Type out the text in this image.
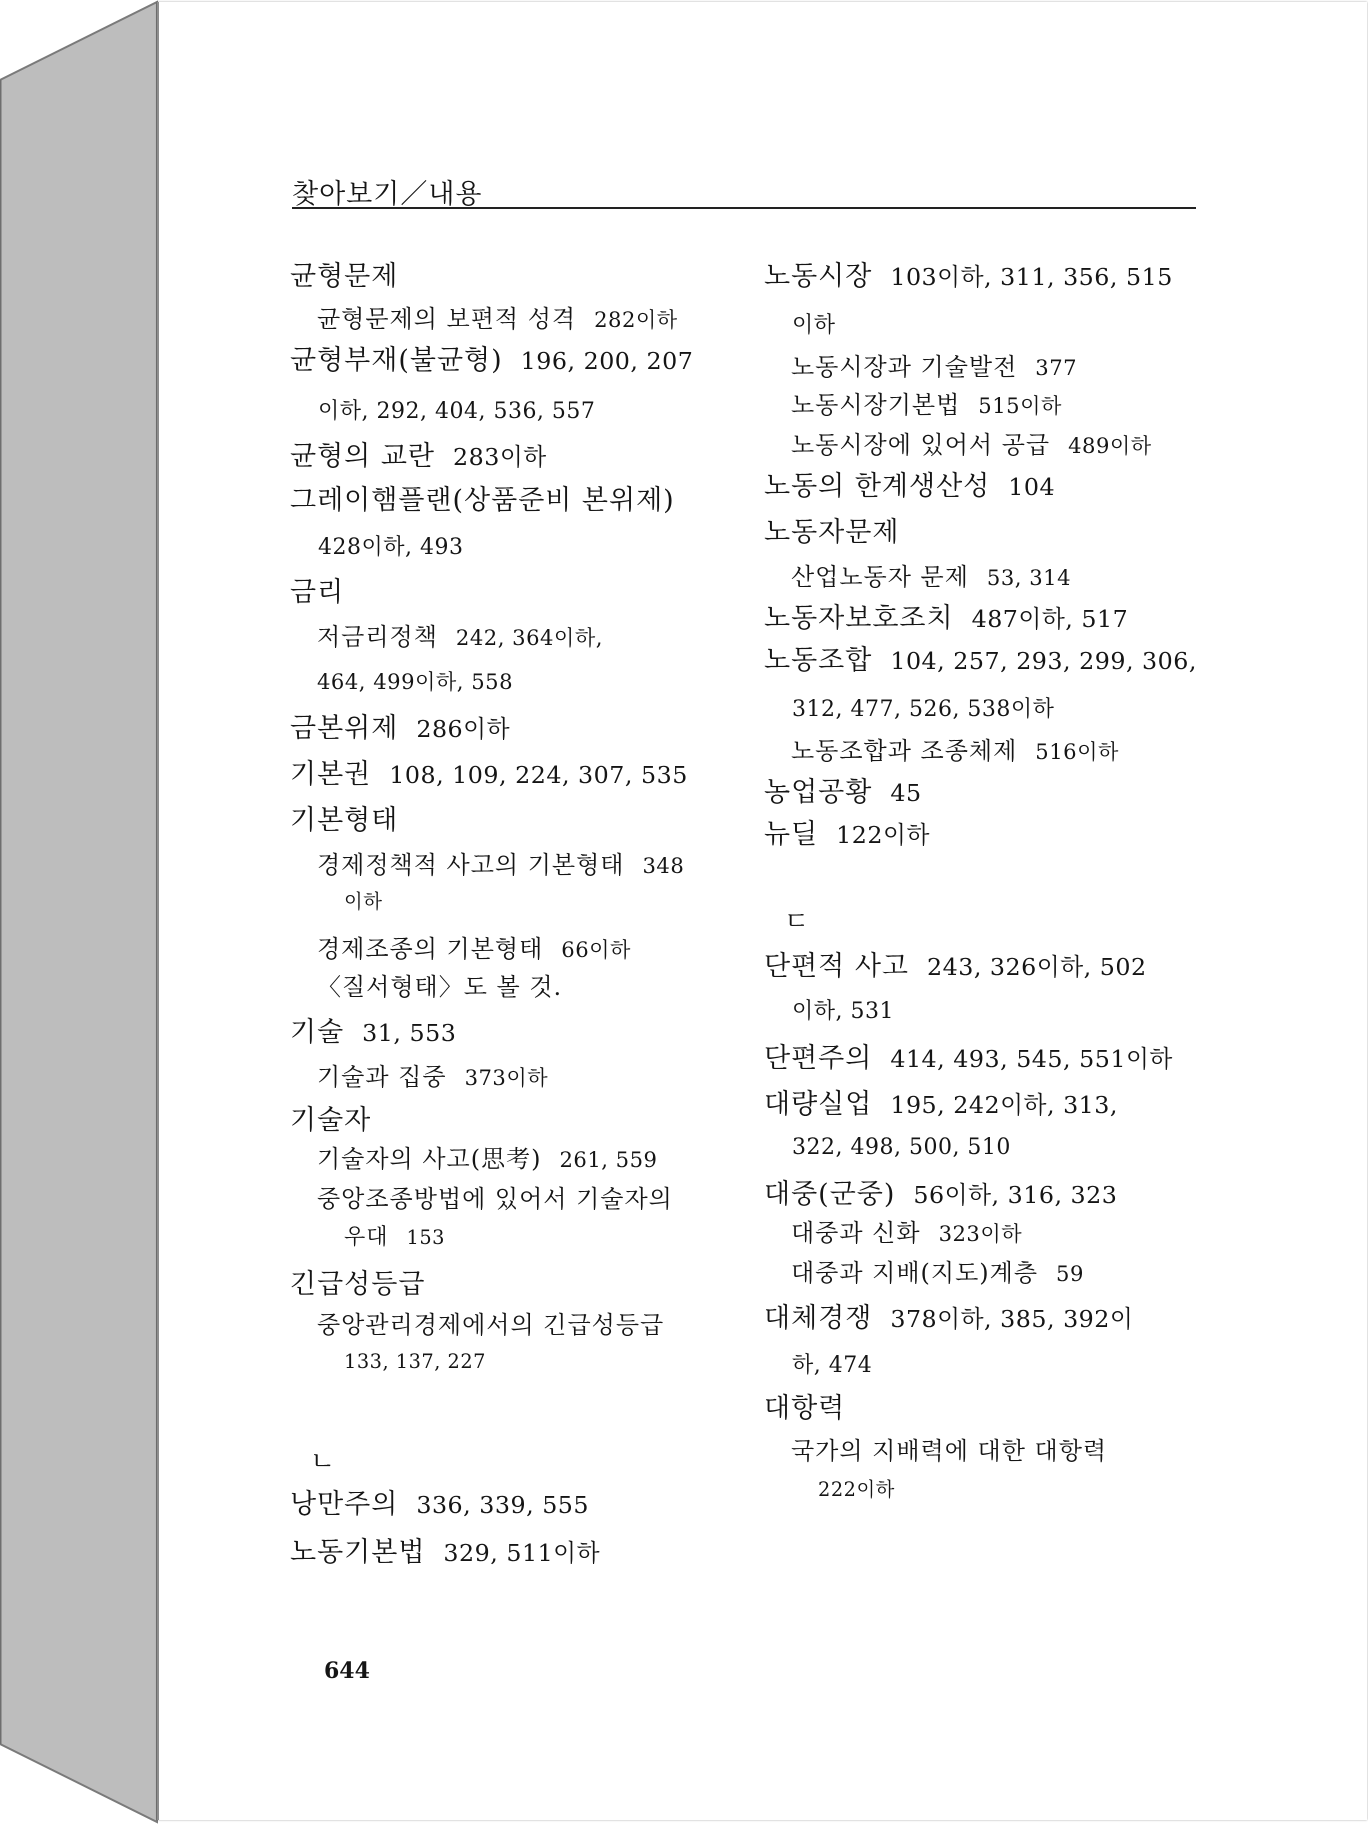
찾아보기／내용
균형문제
균형문제의 보편적 성격 282이하
균형부재(불균형) 196, 200, 207
이하, 292, 404, 536, 557
균형의 교란 283이하
그레이햄플랜(상품준비 본위제)
428이하, 493
금리
저금리정책 242, 364이하,
464, 499이하, 558
금본위제 286이하
기본권 108, 109, 224, 307, 535
기본형태
경제정책적 사고의 기본형태 348
이하
경제조종의 기본형태 66이하
〈질서형태〉도 볼 것.
기술 31, 553
기술과 집중 373이하
기술자
기술자의 사고(思考) 261, 559
중앙조종방법에 있어서 기술자의
우대 153
긴급성등급
중앙관리경제에서의 긴급성등급
133, 137, 227
ㄴ
낭만주의 336, 339, 555
노동기본법 329, 511이하
노동시장 103이하, 311, 356, 515
이하
노동시장과 기술발전 377
노동시장기본법 515이하
노동시장에 있어서 공급 489이하
노동의 한계생산성 104
노동자문제
산업노동자 문제 53, 314
노동자보호조치 487이하, 517
노동조합 104, 257, 293, 299, 306,
312, 477, 526, 538이하
노동조합과 조종체제 516이하
농업공황 45
뉴딜 122이하
ㄷ
단편적 사고 243, 326이하, 502
이하, 531
단편주의 414, 493, 545, 551이하
대량실업 195, 242이하, 313,
322, 498, 500, 510
대중(군중) 56이하, 316, 323
대중과 신화 323이하
대중과 지배(지도)계층 59
대체경쟁 378이하, 385, 392이
하, 474
대항력
국가의 지배력에 대한 대항력
222이하
644
